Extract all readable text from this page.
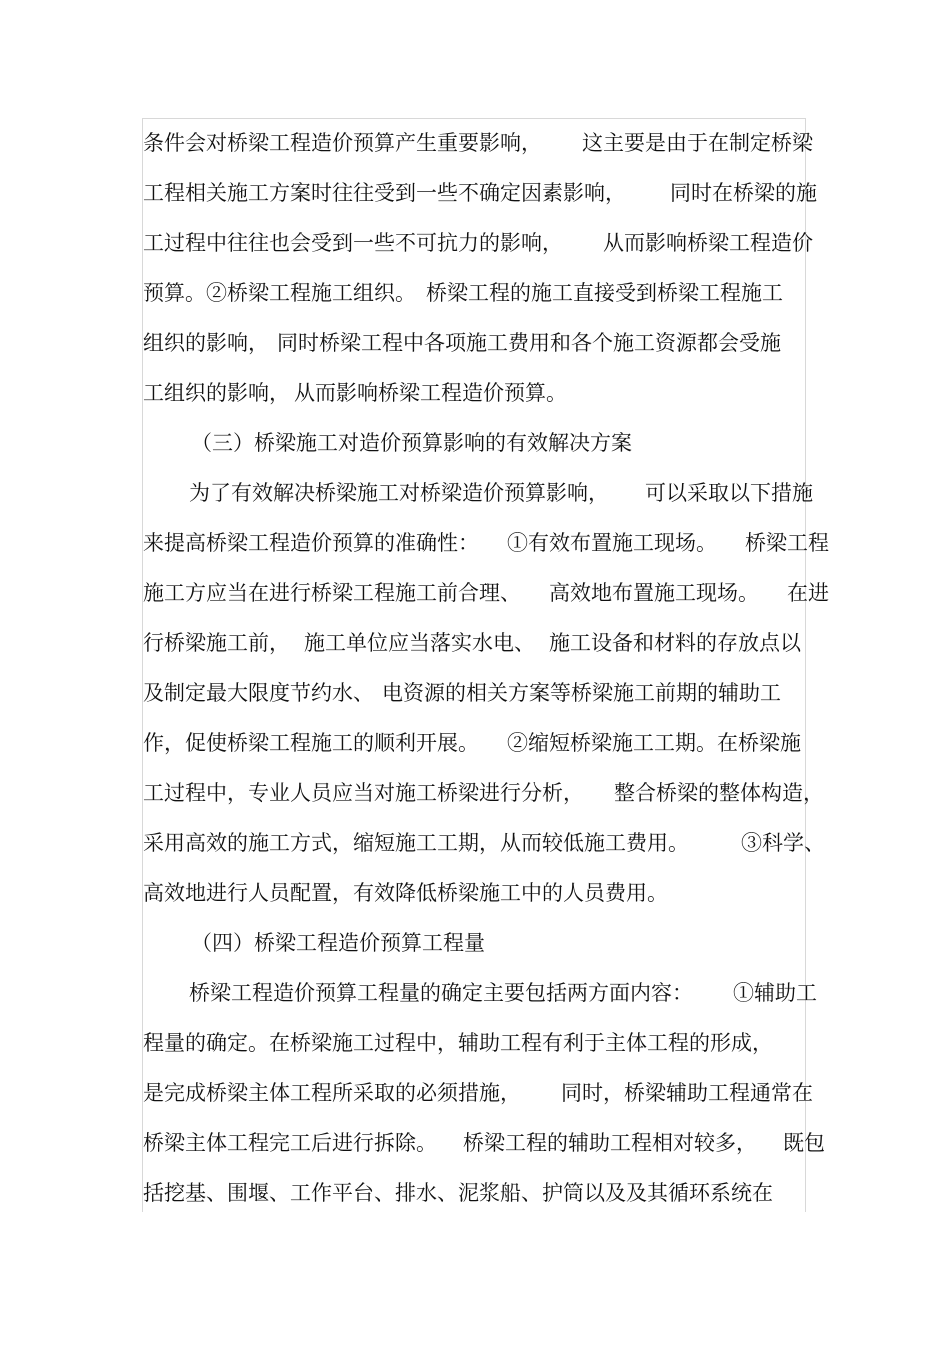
条件会对桥梁工程造价预算产生重要影响， 这主要是由于在制定桥梁
工程相关施工方案时往往受到一些不确定因素影响， 同时在桥梁的施
工过程中往往也会受到一些不可抗力的影响， 从而影响桥梁工程造价
预算。②桥梁工程施工组织。 桥梁工程的施工直接受到桥梁工程施工
组织的影响， 同时桥梁工程中各项施工费用和各个施工资源都会受施
工组织的影响， 从而影响桥梁工程造价预算。
（三）桥梁施工对造价预算影响的有效解决方案
为了有效解决桥梁施工对桥梁造价预算影响， 可以采取以下措施
来提高桥梁工程造价预算的准确性： ①有效布置施工现场。 桥梁工程
施工方应当在进行桥梁工程施工前合理、 高效地布置施工现场。 在进
行桥梁施工前， 施工单位应当落实水电、 施工设备和材料的存放点以
及制定最大限度节约水、 电资源的相关方案等桥梁施工前期的辅助工
作，促使桥梁工程施工的顺利开展。 ②缩短桥梁施工工期。在桥梁施
工过程中，专业人员应当对施工桥梁进行分析， 整合桥梁的整体构造，
采用高效的施工方式，缩短施工工期，从而较低施工费用。 ③科学、
高效地进行人员配置，有效降低桥梁施工中的人员费用。
（四）桥梁工程造价预算工程量
桥梁工程造价预算工程量的确定主要包括两方面内容： ①辅助工
程量的确定。在桥梁施工过程中，辅助工程有利于主体工程的形成，
是完成桥梁主体工程所采取的必须措施， 同时，桥梁辅助工程通常在
桥梁主体工程完工后进行拆除。 桥梁工程的辅助工程相对较多， 既包
括挖基、围堰、工作平台、排水、泥浆船、护筒以及及其循环系统在
